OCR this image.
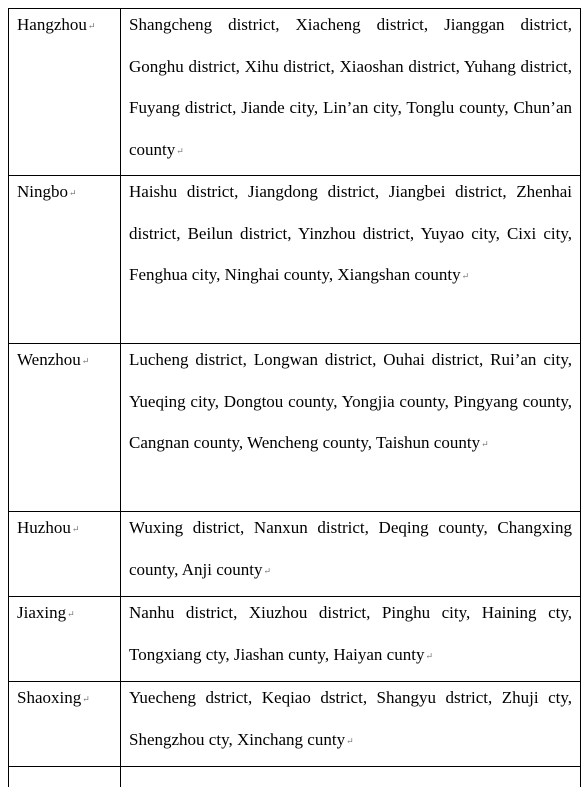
Hangzhou↵	Shangcheng district, Xiacheng district, Jianggan district, Gonghu district, Xihu district, Xiaoshan district, Yuhang district, Fuyang district, Jiande city, Lin’an city, Tonglu county, Chun’an county↵
Ningbo↵	Haishu district, Jiangdong district, Jiangbei district, Zhenhai district, Beilun district, Yinzhou district, Yuyao city, Cixi city, Fenghua city, Ninghai county, Xiangshan county↵
Wenzhou↵	Lucheng district, Longwan district, Ouhai district, Rui’an city, Yueqing city, Dongtou county, Yongjia county, Pingyang county, Cangnan county, Wencheng county, Taishun county↵
Huzhou↵	Wuxing district, Nanxun district, Deqing county, Changxing county, Anji county↵
Jiaxing↵	Nanhu district, Xiuzhou district, Pinghu city, Haining cty, Tongxiang cty, Jiashan cunty, Haiyan cunty↵
Shaoxing↵	Yuecheng dstrict, Keqiao dstrict, Shangyu dstrict, Zhuji cty, Shengzhou cty, Xinchang cunty↵
